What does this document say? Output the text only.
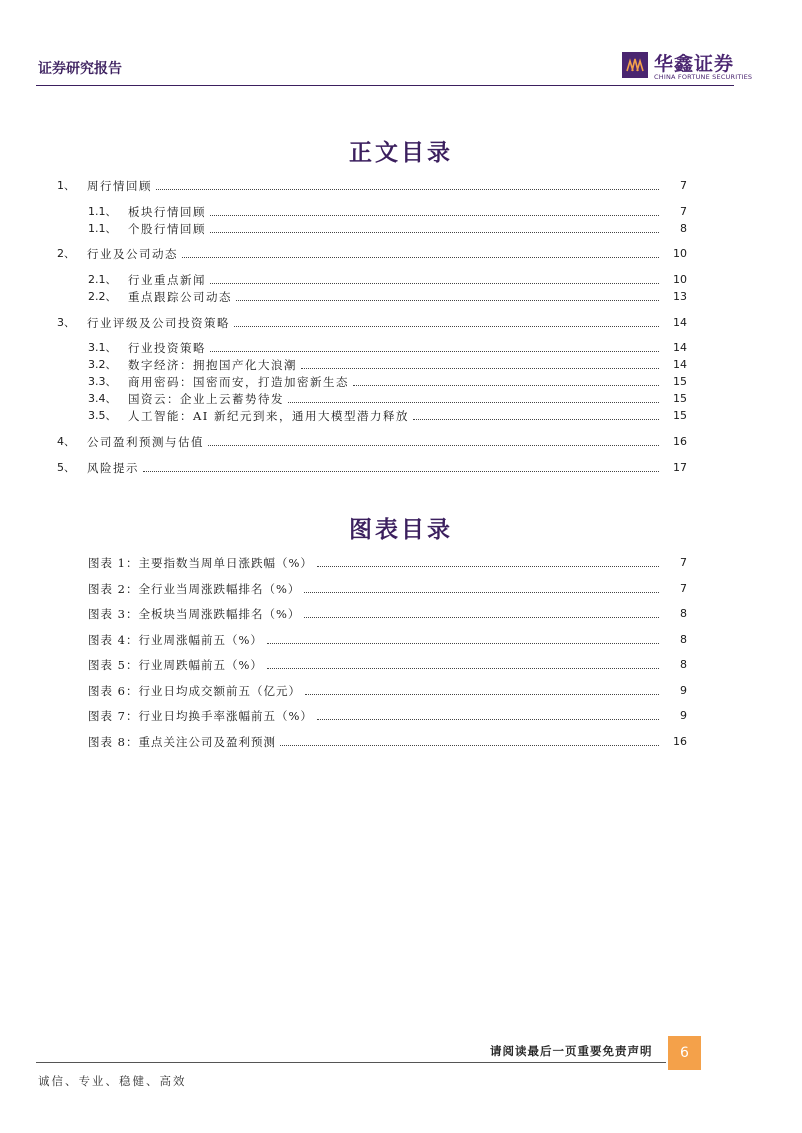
证券研究报告	华鑫证券
CHINA FORTUNE SECURITIES
正文目录
1、	周行情回顾	7
1.1、	板块行情回顾	7
1.1、	个股行情回顾	8
2、	行业及公司动态	10
2.1、	行业重点新闻	10
2.2、	重点跟踪公司动态	13
3、	行业评级及公司投资策略	14
3.1、	行业投资策略	14
3.2、	数字经济：拥抱国产化大浪潮	14
3.3、	商用密码：国密而安，打造加密新生态	15
3.4、	国资云：企业上云蓄势待发	15
3.5、	人工智能：AI 新纪元到来，通用大模型潜力释放	15
4、	公司盈利预测与估值	16
5、	风险提示	17
图表目录
图表 1：主要指数当周单日涨跌幅（%）	7
图表 2：全行业当周涨跌幅排名（%）	7
图表 3：全板块当周涨跌幅排名（%）	8
图表 4：行业周涨幅前五（%）	8
图表 5：行业周跌幅前五（%）	8
图表 6：行业日均成交额前五（亿元）	9
图表 7：行业日均换手率涨幅前五（%）	9
图表 8：重点关注公司及盈利预测	16
请阅读最后一页重要免责声明	6
诚信、专业、稳健、高效
